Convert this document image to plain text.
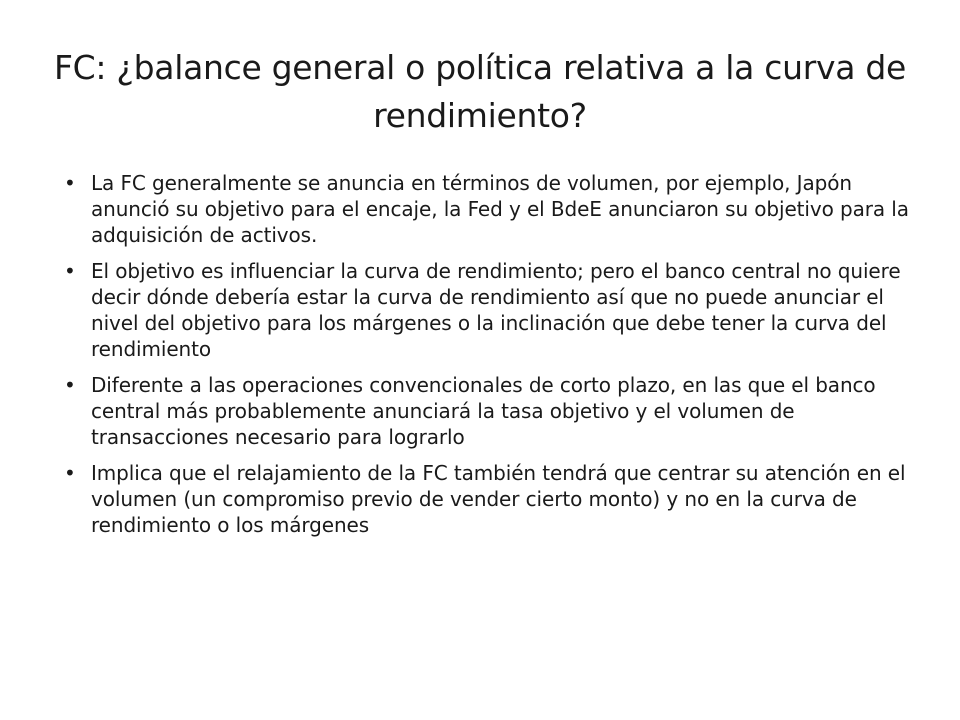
FC: ¿balance general o política relativa a la curva de rendimiento?
• La FC generalmente se anuncia en términos de volumen, por ejemplo, Japón anunció su objetivo para el encaje, la Fed y el BdeE anunciaron su objetivo para la adquisición de activos.
• El objetivo es influenciar la curva de rendimiento; pero el banco central no quiere decir dónde debería estar la curva de rendimiento así que no puede anunciar el nivel del objetivo para los márgenes o la inclinación que debe tener la curva del rendimiento
• Diferente a las operaciones convencionales de corto plazo, en las que el banco central más probablemente anunciará la tasa objetivo y el volumen de transacciones necesario para lograrlo
• Implica que el relajamiento de la FC también tendrá que centrar su atención en el volumen (un compromiso previo de vender cierto monto) y no en la curva de rendimiento o los márgenes
